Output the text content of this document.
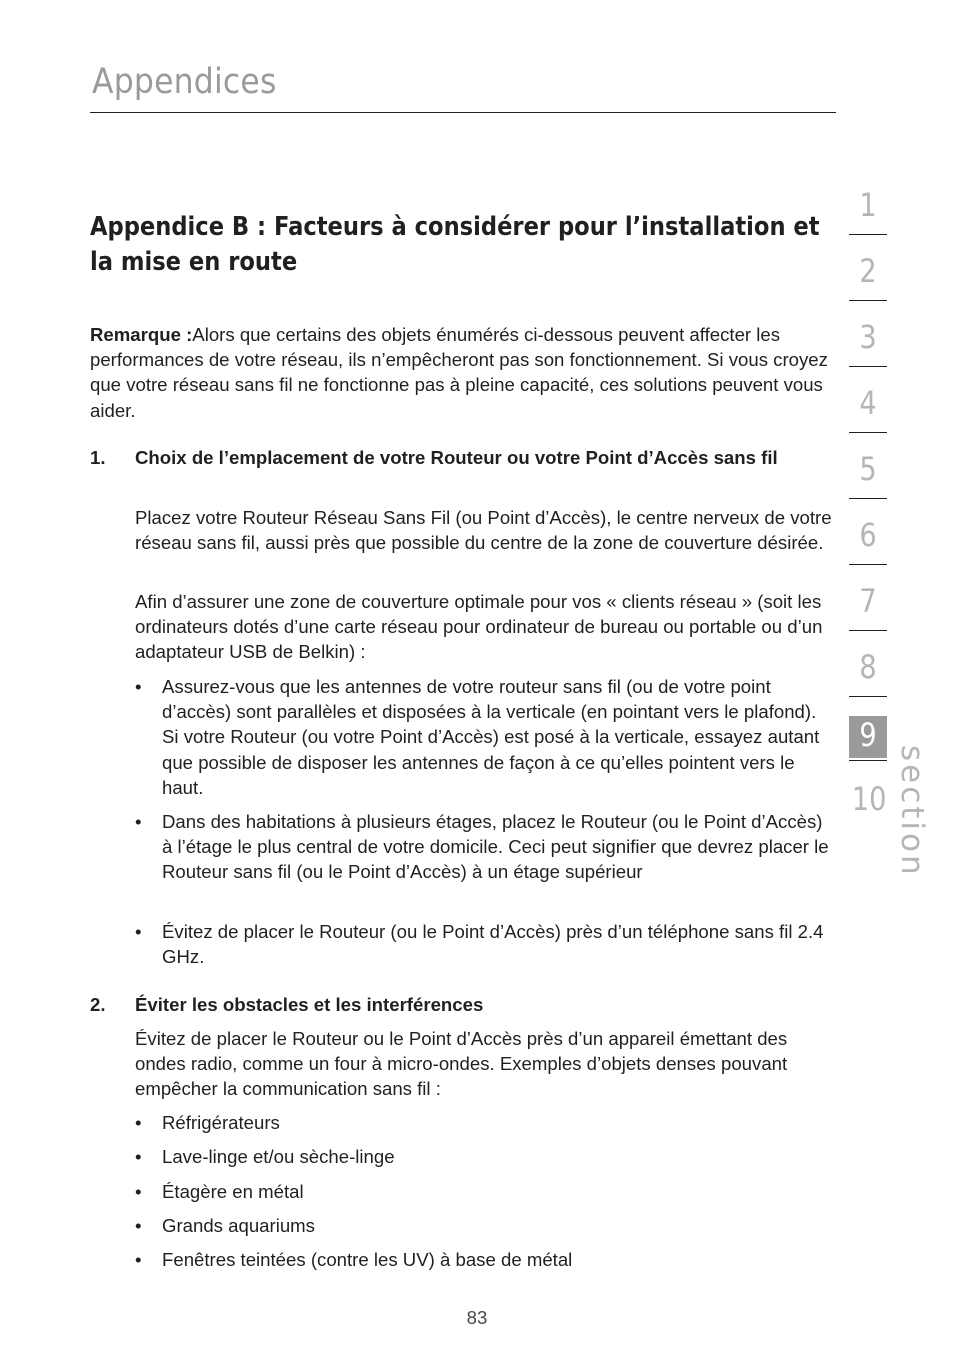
Appendices
Appendice B : Facteurs à considérer pour l’installation et la mise en route
Remarque :Alors que certains des objets énumérés ci-dessous peuvent affecter les performances de votre réseau, ils n’empêcheront pas son fonctionnement. Si vous croyez que votre réseau sans fil ne fonctionne pas à pleine capacité, ces solutions peuvent vous aider.
1. Choix de l’emplacement de votre Routeur ou votre Point d’Accès sans fil
Placez votre Routeur Réseau Sans Fil (ou Point d’Accès), le centre nerveux de votre réseau sans fil, aussi près que possible du centre de la zone de couverture désirée.
Afin d’assurer une zone de couverture optimale pour vos « clients réseau » (soit les ordinateurs dotés d’une carte réseau pour ordinateur de bureau ou portable ou d’un adaptateur USB de Belkin) :
• Assurez-vous que les antennes de votre routeur sans fil (ou de votre point d’accès) sont parallèles et disposées à la verticale (en pointant vers le plafond). Si votre Routeur (ou votre Point d’Accès) est posé à la verticale, essayez autant que possible de disposer les antennes de façon à ce qu’elles pointent vers le haut.
• Dans des habitations à plusieurs étages, placez le Routeur (ou le Point d’Accès) à l’étage le plus central de votre domicile. Ceci peut signifier que devrez placer le Routeur sans fil (ou le Point d’Accès) à un étage supérieur
• Évitez de placer le Routeur (ou le Point d’Accès) près d’un téléphone sans fil 2.4 GHz.
2. Éviter les obstacles et les interférences
Évitez de placer le Routeur ou le Point d’Accès près d’un appareil émettant des ondes radio, comme un four à micro-ondes. Exemples d’objets denses pouvant empêcher la communication sans fil :
• Réfrigérateurs
• Lave-linge et/ou sèche-linge
• Étagère en métal
• Grands aquariums
• Fenêtres teintées (contre les UV) à base de métal
83
1
2
3
4
5
6
7
8
9
10 section
